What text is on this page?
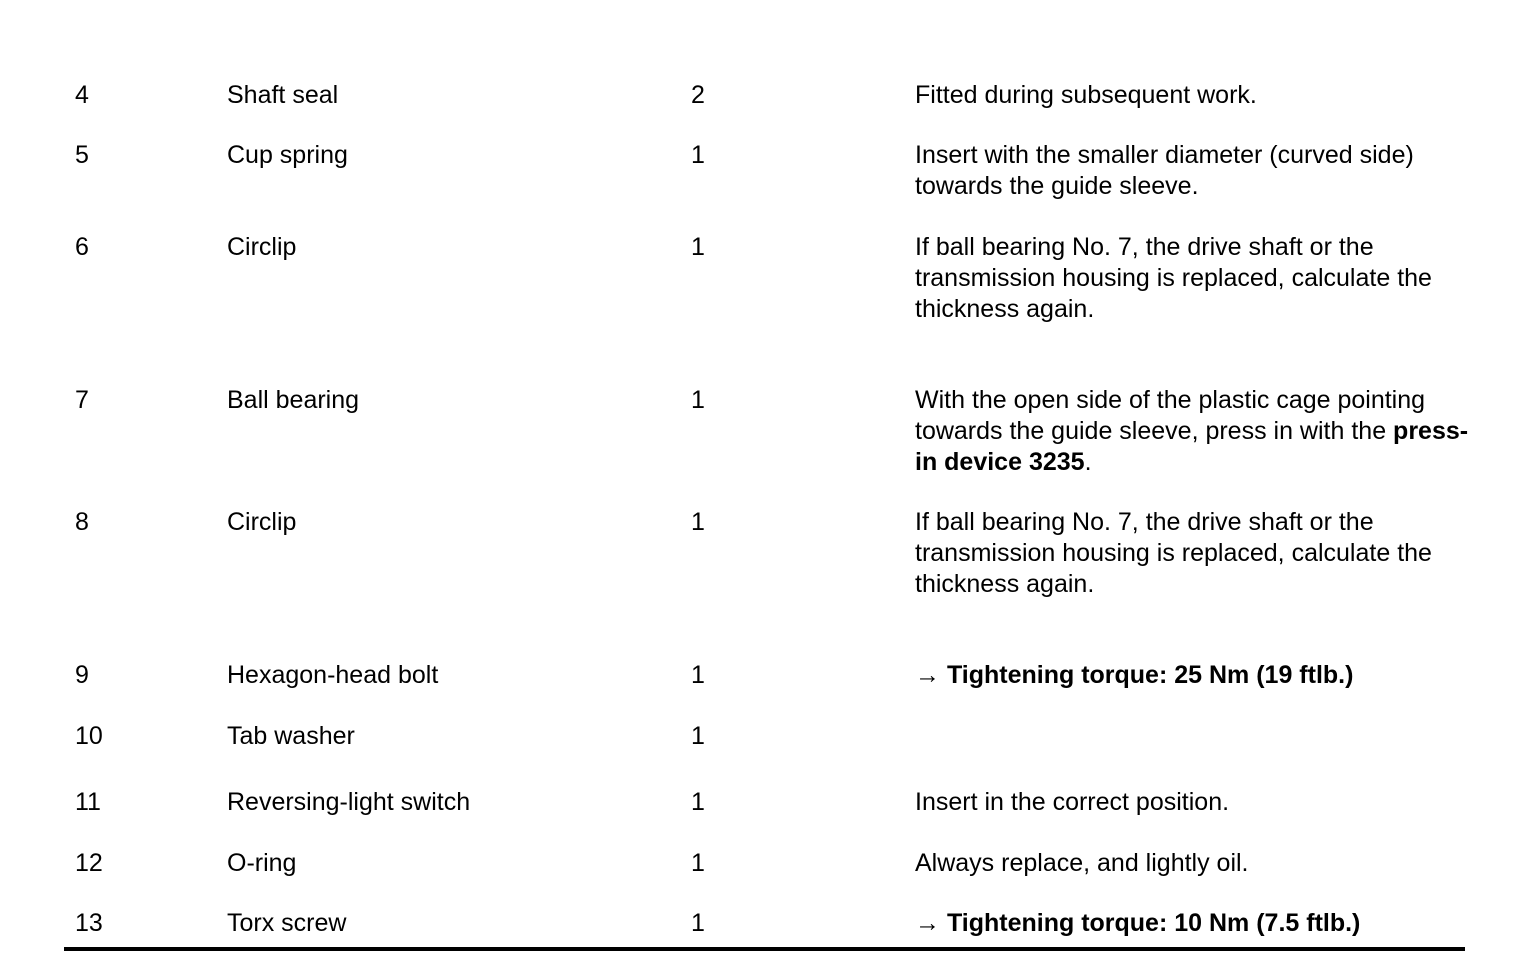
4	Shaft seal	2	Fitted during subsequent work.
5	Cup spring	1	Insert with the smaller diameter (curved side) towards the guide sleeve.
6	Circlip	1	If ball bearing No. 7, the drive shaft or the transmission housing is replaced, calculate the thickness again.
7	Ball bearing	1	With the open side of the plastic cage pointing towards the guide sleeve, press in with the press-in device 3235.
8	Circlip	1	If ball bearing No. 7, the drive shaft or the transmission housing is replaced, calculate the thickness again.
9	Hexagon-head bolt	1	→ Tightening torque: 25 Nm (19 ftlb.)
10	Tab washer	1
11	Reversing-light switch	1	Insert in the correct position.
12	O-ring	1	Always replace, and lightly oil.
13	Torx screw	1	→ Tightening torque: 10 Nm (7.5 ftlb.)
